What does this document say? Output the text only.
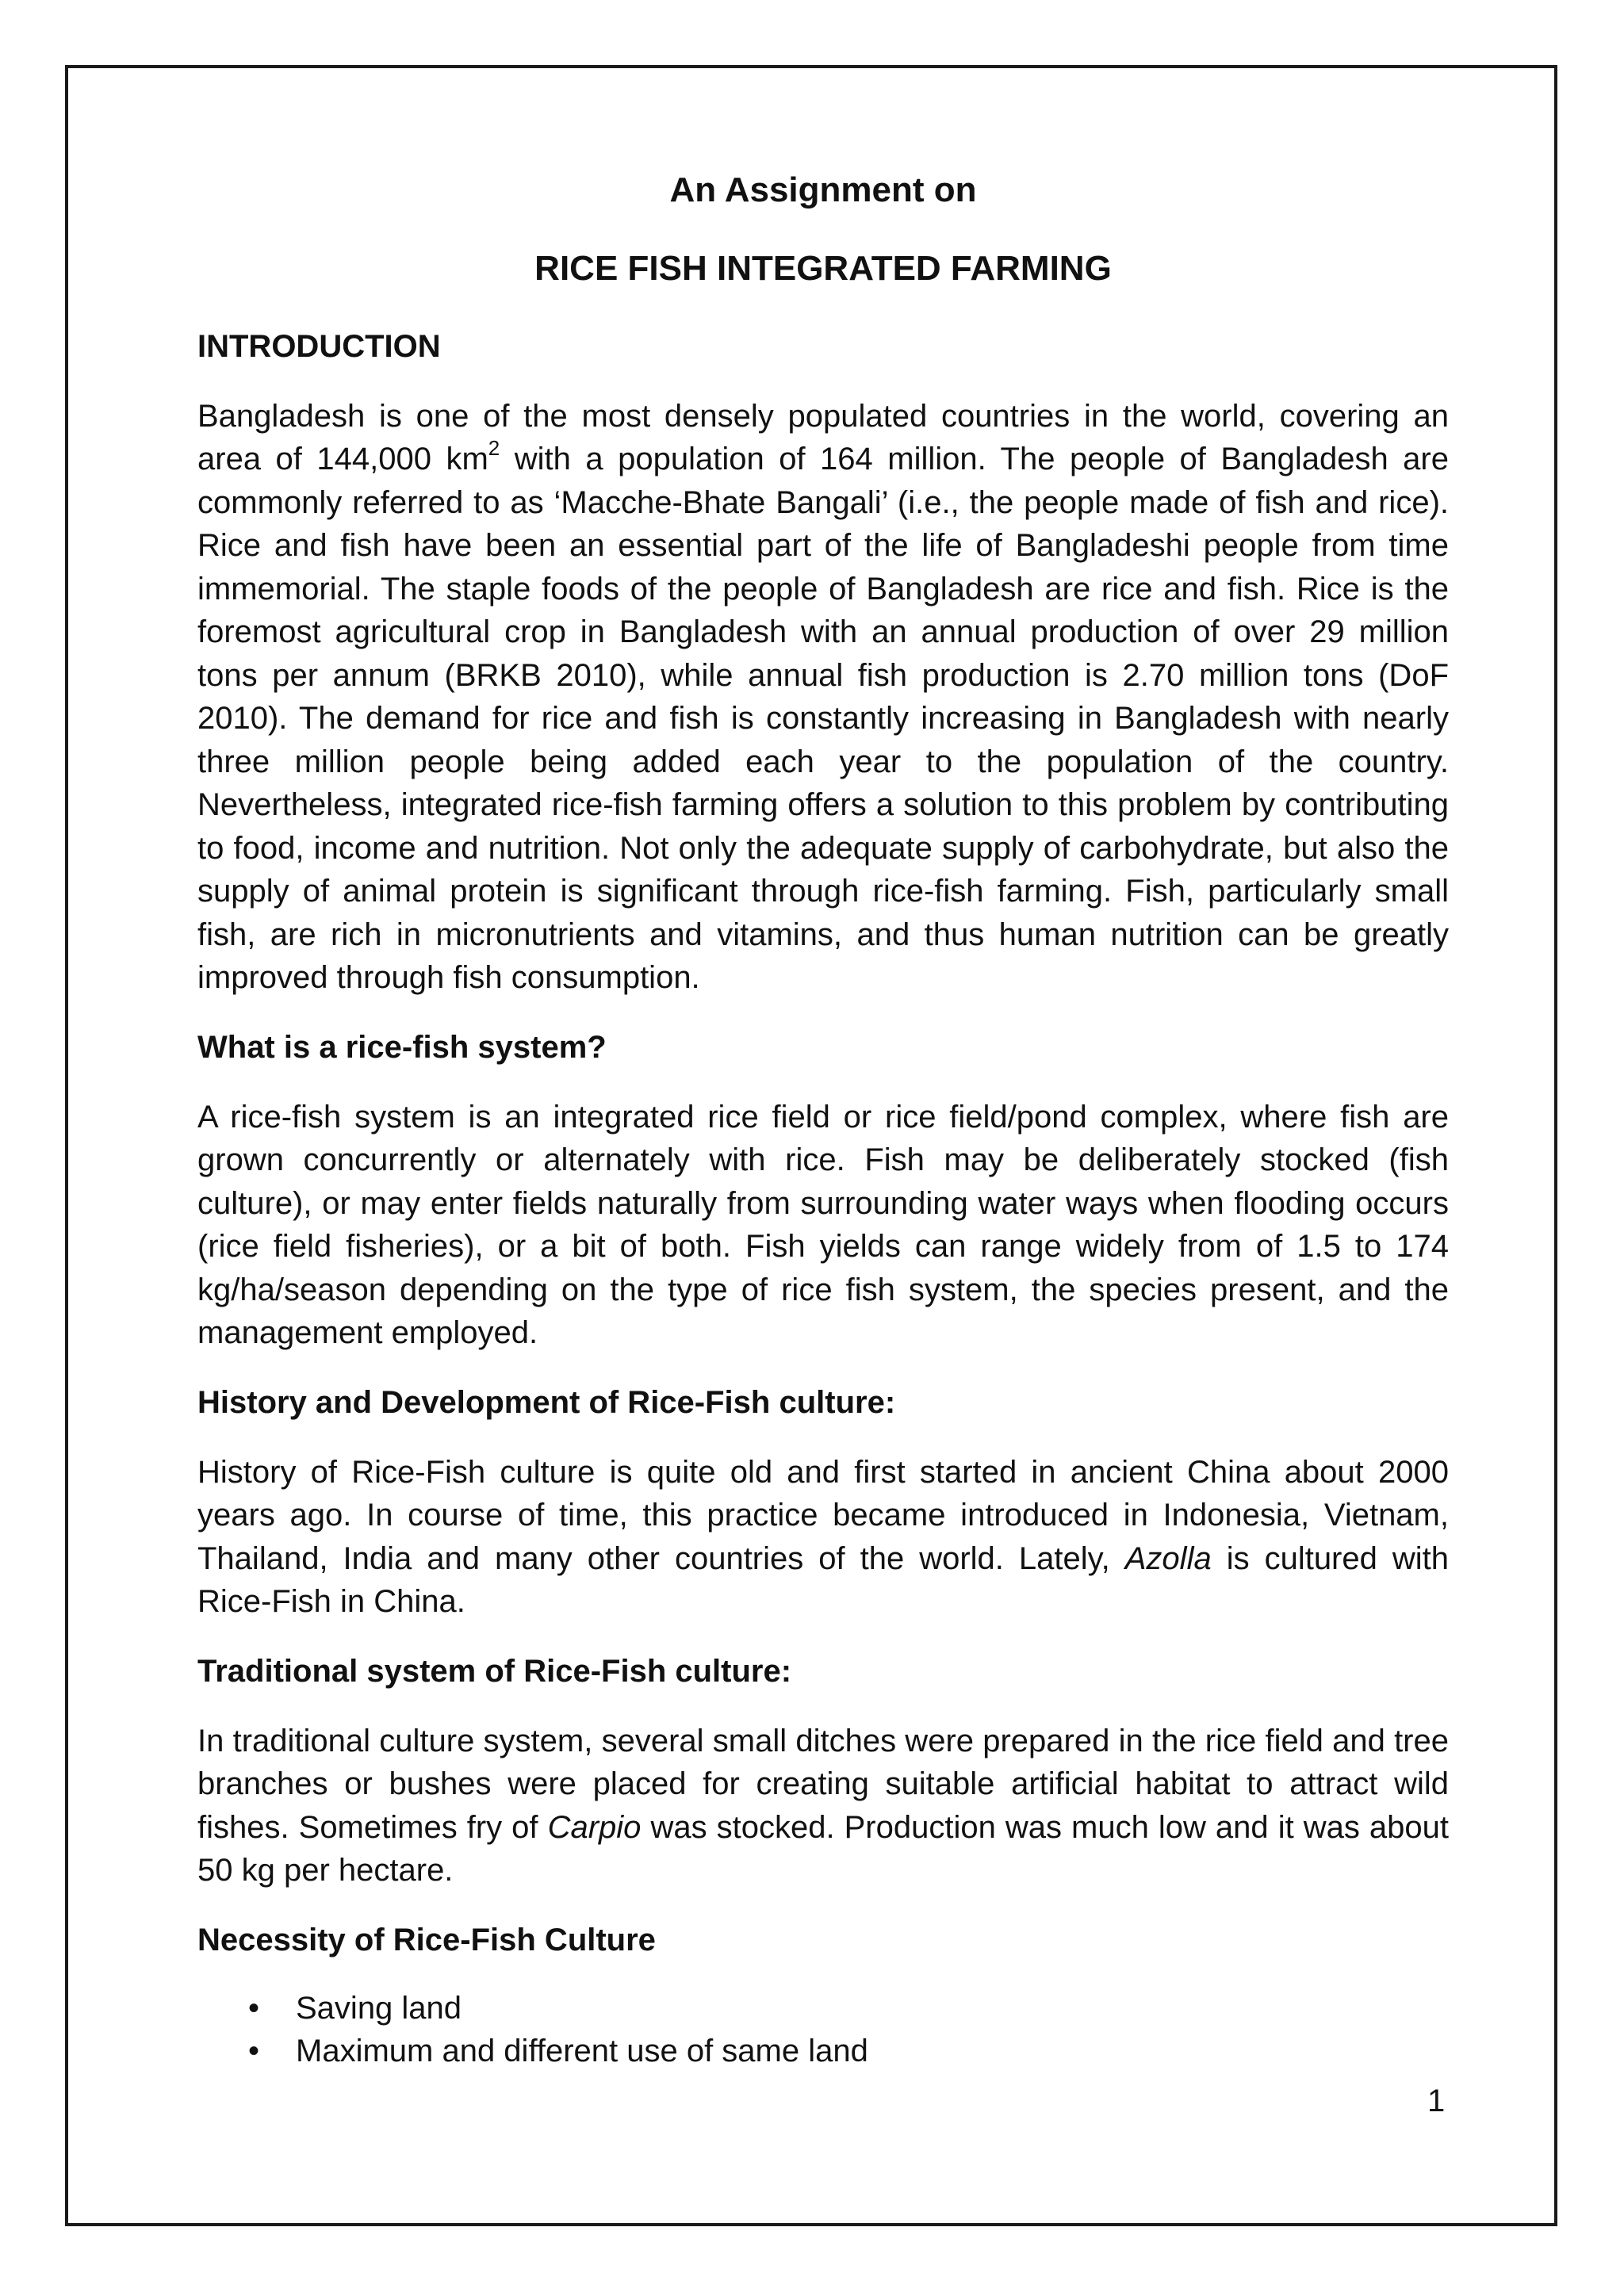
An Assignment on
RICE FISH INTEGRATED FARMING
INTRODUCTION

Bangladesh is one of the most densely populated countries in the world, covering an area of 144,000 $km^2$ with a population of 164 million. The people of Bangladesh are commonly referred to as ‘Macche-Bhate Bangali’ (i.e., the people made of fish and rice). Rice and fish have been an essential part of the life of Bangladeshi people from time immemorial. The staple foods of the people of Bangladesh are rice and fish. Rice is the foremost agricultural crop in Bangladesh with an annual production of over 29 million tons per annum (BRKB 2010), while annual fish production is 2.70 million tons (DoF 2010). The demand for rice and fish is constantly increasing in Bangladesh with nearly three million people being added each year to the population of the country. Nevertheless, integrated rice-fish farming offers a solution to this problem by contributing to food, income and nutrition. Not only the adequate supply of carbohydrate, but also the supply of animal protein is significant through rice-fish farming. Fish, particularly small fish, are rich in micronutrients and vitamins, and thus human nutrition can be greatly improved through fish consumption.

What is a rice-fish system?

A rice-fish system is an integrated rice field or rice field/pond complex, where fish are grown concurrently or alternately with rice. Fish may be deliberately stocked (fish culture), or may enter fields naturally from surrounding water ways when flooding occurs (rice field fisheries), or a bit of both. Fish yields can range widely from of 1.5 to 174 kg/ha/season depending on the type of rice fish system, the species present, and the management employed.

History and Development of Rice-Fish culture:

History of Rice-Fish culture is quite old and first started in ancient China about 2000 years ago. In course of time, this practice became introduced in Indonesia, Vietnam, Thailand, India and many other countries of the world. Lately, Azolla is cultured with Rice-Fish in China.

Traditional system of Rice-Fish culture:

In traditional culture system, several small ditches were prepared in the rice field and tree branches or bushes were placed for creating suitable artificial habitat to attract wild fishes. Sometimes fry of Carpio was stocked. Production was much low and it was about 50 kg per hectare.

Necessity of Rice-Fish Culture
• Saving land
• Maximum and different use of same land
1
